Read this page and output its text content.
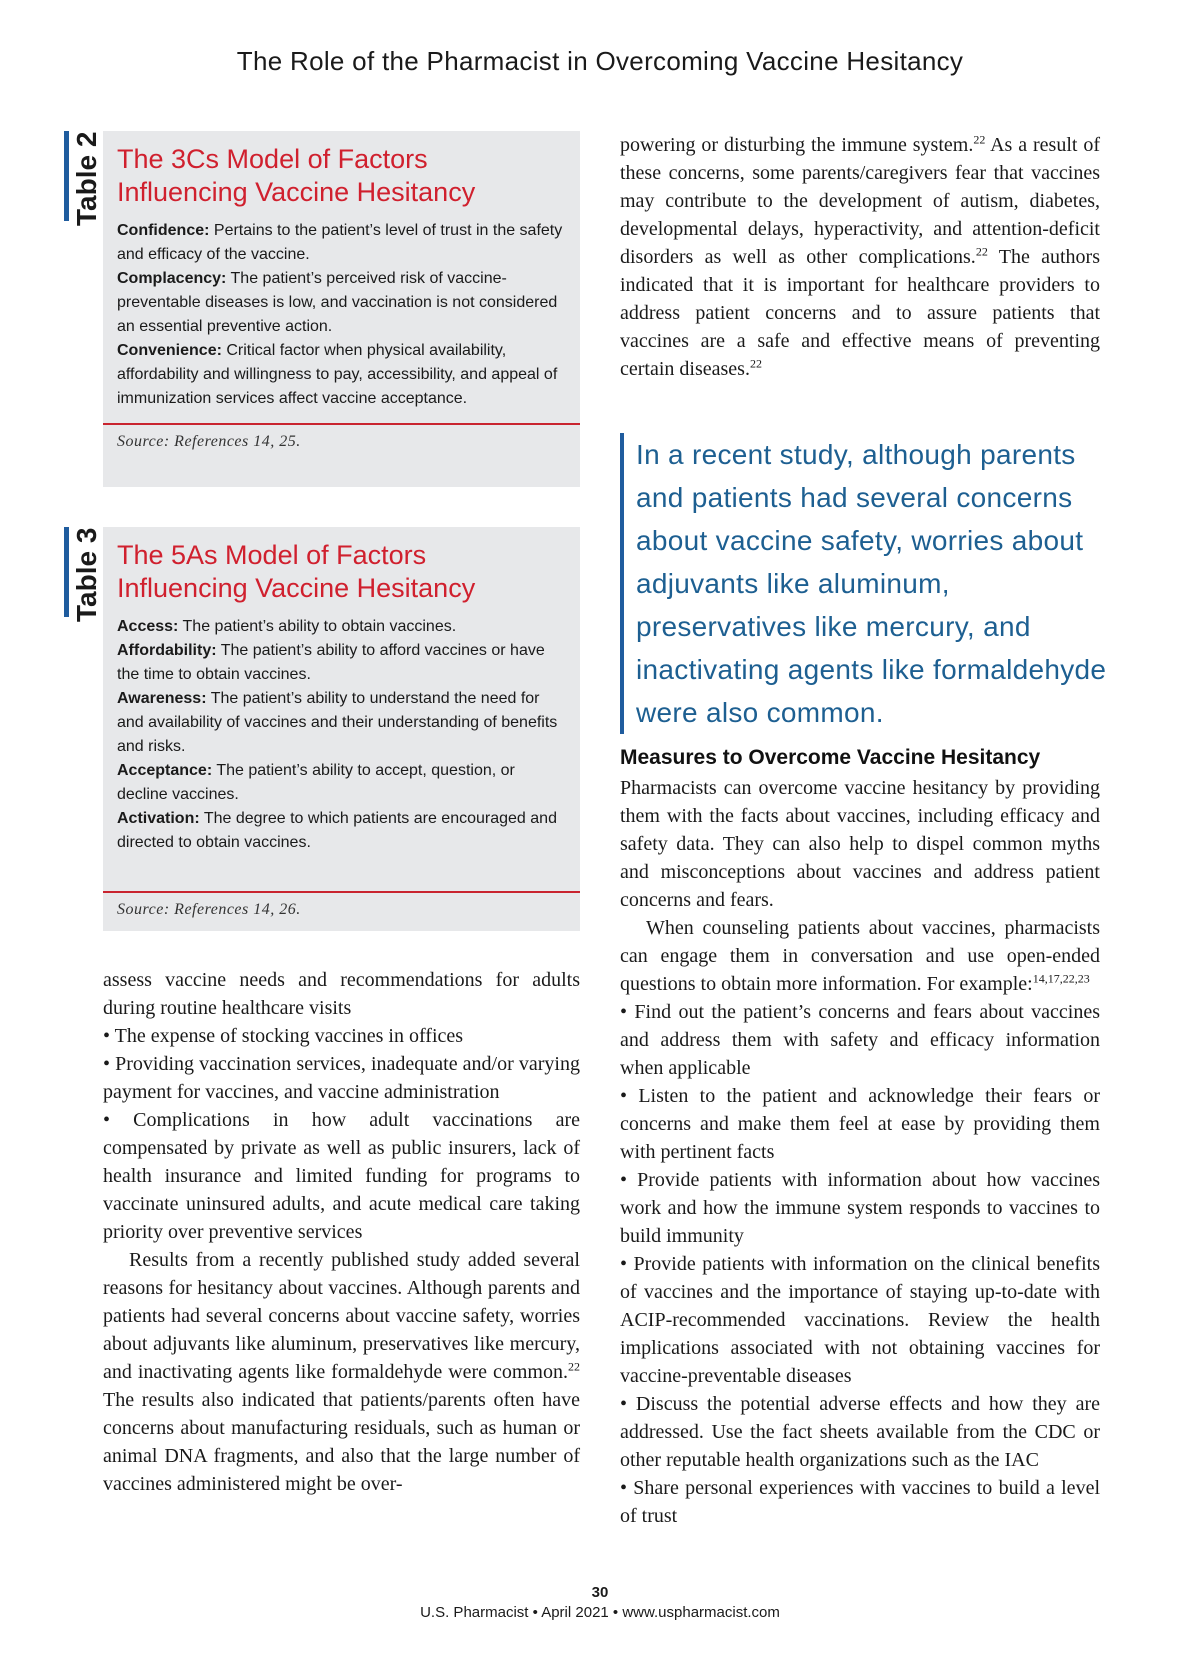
The Role of the Pharmacist in Overcoming Vaccine Hesitancy
Table 2 The 3Cs Model of Factors
Influencing Vaccine Hesitancy
Confidence: Pertains to the patient’s level of trust in the safety and efficacy of the vaccine.
Complacency: The patient’s perceived risk of vaccine-preventable diseases is low, and vaccination is not considered an essential preventive action.
Convenience: Critical factor when physical availability, affordability and willingness to pay, accessibility, and appeal of immunization services affect vaccine acceptance.
Source: References 14, 25.
Table 3 The 5As Model of Factors
Influencing Vaccine Hesitancy
Access: The patient’s ability to obtain vaccines.
Affordability: The patient’s ability to afford vaccines or have the time to obtain vaccines.
Awareness: The patient’s ability to understand the need for and availability of vaccines and their understanding of benefits and risks.
Acceptance: The patient’s ability to accept, question, or decline vaccines.
Activation: The degree to which patients are encouraged and directed to obtain vaccines.
Source: References 14, 26.

assess vaccine needs and recommendations for adults during routine healthcare visits

• The expense of stocking vaccines in offices

• Providing vaccination services, inadequate and/or varying payment for vaccines, and vaccine administration

• Complications in how adult vaccinations are compensated by private as well as public insurers, lack of health insurance and limited funding for programs to vaccinate uninsured adults, and acute medical care taking priority over preventive services

Results from a recently published study added several reasons for hesitancy about vaccines. Although parents and patients had several concerns about vaccine safety, worries about adjuvants like aluminum, preservatives like mercury, and inactivating agents like formaldehyde were common.$^{22}$ The results also indicated that patients/parents often have concerns about manufacturing residuals, such as human or animal DNA fragments, and also that the large number of vaccines administered might be over-

powering or disturbing the immune system.$^{22}$ As a result of these concerns, some parents/caregivers fear that vaccines may contribute to the development of autism, diabetes, developmental delays, hyperactivity, and attention-deficit disorders as well as other complications.$^{22}$ The authors indicated that it is important for healthcare providers to address patient concerns and to assure patients that vaccines are a safe and effective means of preventing certain diseases.$^{22}$

In a recent study, although parents and patients had several concerns about vaccine safety, worries about adjuvants like aluminum, preservatives like mercury, and inactivating agents like formaldehyde were also common.
Measures to Overcome Vaccine Hesitancy

Pharmacists can overcome vaccine hesitancy by providing them with the facts about vaccines, including efficacy and safety data. They can also help to dispel common myths and misconceptions about vaccines and address patient concerns and fears.

When counseling patients about vaccines, pharmacists can engage them in conversation and use open-ended questions to obtain more information. For example:$^{14,17,22,23}$

• Find out the patient’s concerns and fears about vaccines and address them with safety and efficacy information when applicable

• Listen to the patient and acknowledge their fears or concerns and make them feel at ease by providing them with pertinent facts

• Provide patients with information about how vaccines work and how the immune system responds to vaccines to build immunity

• Provide patients with information on the clinical benefits of vaccines and the importance of staying up-to-date with ACIP-recommended vaccinations. Review the health implications associated with not obtaining vaccines for vaccine-preventable diseases

• Discuss the potential adverse effects and how they are addressed. Use the fact sheets available from the CDC or other reputable health organizations such as the IAC

• Share personal experiences with vaccines to build a level of trust

30
U.S. Pharmacist • April 2021 • www.uspharmacist.com
